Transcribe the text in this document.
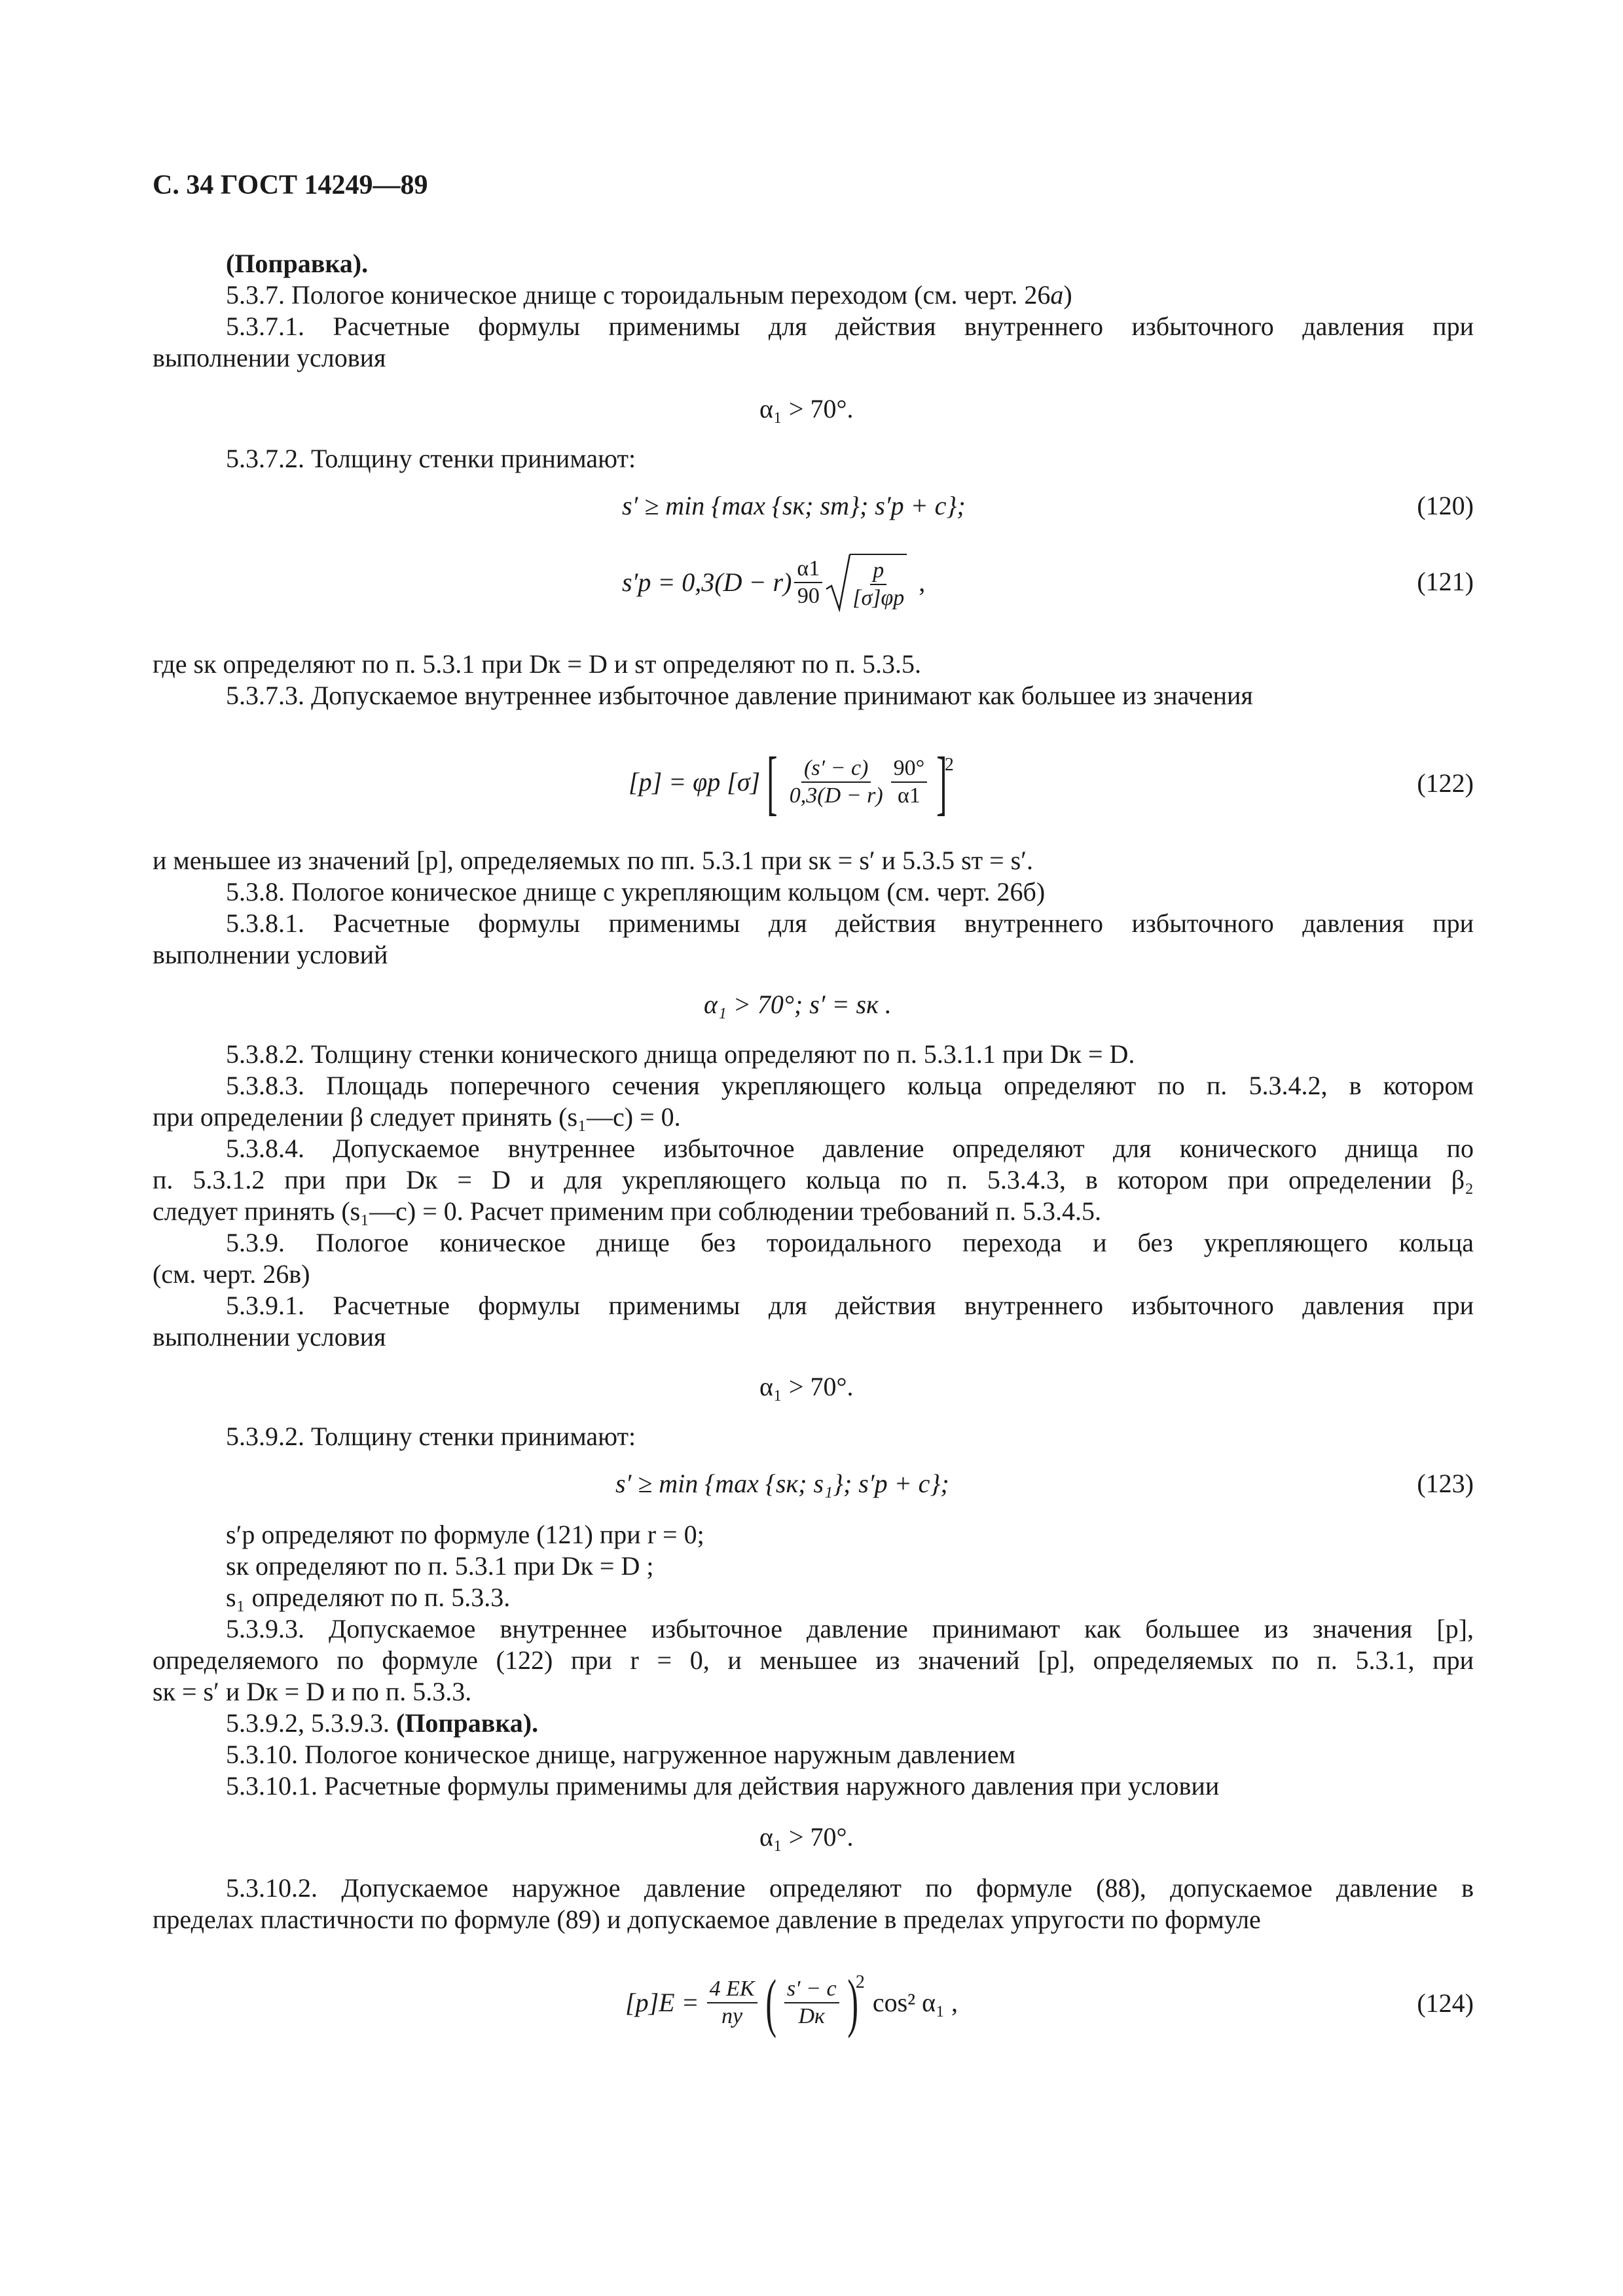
С. 34 ГОСТ 14249—89
(Поправка).
5.3.7. Пологое коническое днище с тороидальным переходом (см. черт. 26а)
5.3.7.1. Расчетные формулы применимы для действия внутреннего избыточного давления при
выполнении условия
α₁ > 70°.
5.3.7.2. Толщину стенки принимают:
s′ ≥ min {max {sк; sт}; s′р + c};	(120)
$s'р = 0,3(D - r) \frac{\alpha 1}{90} \frac{p}{[\sigma]\varphi р}$ ,	(121)
где sк определяют по п. 5.3.1 при Dк = D и sт определяют по п. 5.3.5.
5.3.7.3. Допускаемое внутреннее избыточное давление принимают как большее из значения
[p] = φр [σ] [ $\frac{(s' - c)}{0,3(D - r)} \frac{90^\circ}{\alpha 1}$ ]
2
(122)
и меньшее из значений [p], определяемых по пп. 5.3.1 при sк = s′ и 5.3.5 sт = s′.
5.3.8. Пологое коническое днище с укрепляющим кольцом (см. черт. 26б)
5.3.8.1. Расчетные формулы применимы для действия внутреннего избыточного давления при
выполнении условий
α₁ > 70°; s′ = sк .
5.3.8.2. Толщину стенки конического днища определяют по п. 5.3.1.1 при Dк = D.
5.3.8.3. Площадь поперечного сечения укрепляющего кольца определяют по п. 5.3.4.2, в котором
при определении β следует принять (s₁—c) = 0.
5.3.8.4. Допускаемое внутреннее избыточное давление определяют для конического днища по
п. 5.3.1.2 при при Dк = D и для укрепляющего кольца по п. 5.3.4.3, в котором при определении β₂
следует принять (s₁—c) = 0. Расчет применим при соблюдении требований п. 5.3.4.5.
5.3.9. Пологое коническое днище без тороидального перехода и без укрепляющего кольца
(см. черт. 26в)
5.3.9.1. Расчетные формулы применимы для действия внутреннего избыточного давления при
выполнении условия
α₁ > 70°.
5.3.9.2. Толщину стенки принимают:
s′ ≥ min {max {sк; s₁}; s′р + c};	(123)
s′р определяют по формуле (121) при r = 0;
sк определяют по п. 5.3.1 при Dк = D ;
s₁ определяют по п. 5.3.3.
5.3.9.3. Допускаемое внутреннее избыточное давление принимают как большее из значения [p],
определяемого по формуле (122) при r = 0, и меньшее из значений [p], определяемых по п. 5.3.1, при
sк = s′ и Dк = D и по п. 5.3.3.
5.3.9.2, 5.3.9.3. (Поправка).
5.3.10. Пологое коническое днище, нагруженное наружным давлением
5.3.10.1. Расчетные формулы применимы для действия наружного давления при условии
α₁ > 70°.
5.3.10.2. Допускаемое наружное давление определяют по формуле (88), допускаемое давление в
пределах пластичности по формуле (89) и допускаемое давление в пределах упругости по формуле
$[p]E = \frac{4 EK}{nу}$ ( $\frac{s' - c}{Dк}$ )
2
cos² α₁ ,	(124)
